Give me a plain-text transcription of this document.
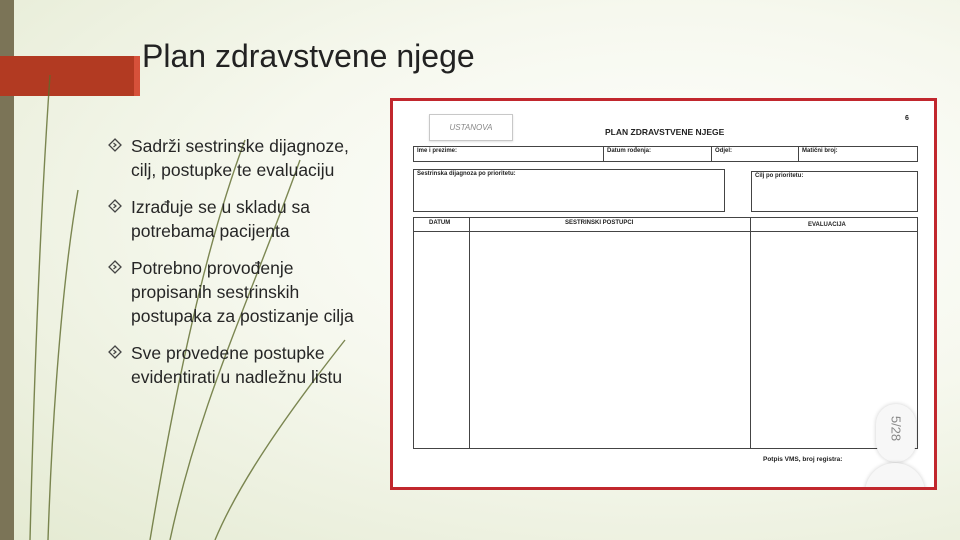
Plan zdravstvene njege
Sadrži sestrinske dijagnoze, cilj, postupke te evaluaciju
Izrađuje se u skladu sa potrebama pacijenta
Potrebno provođenje propisanih sestrinskih postupaka za postizanje cilja
Sve provedene postupke evidentirati u nadležnu listu
USTANOVA	PLAN ZDRAVSTVENE NJEGE
6
Ime i prezime:	Datum rođenja:	Odjel:	Matični broj:
Sestrinska dijagnoza po prioritetu:	Cilj po prioritetu:
DATUM	SESTRINSKI POSTUPCI	EVALUACIJA
Potpis VMS, broj registra:
5/28
